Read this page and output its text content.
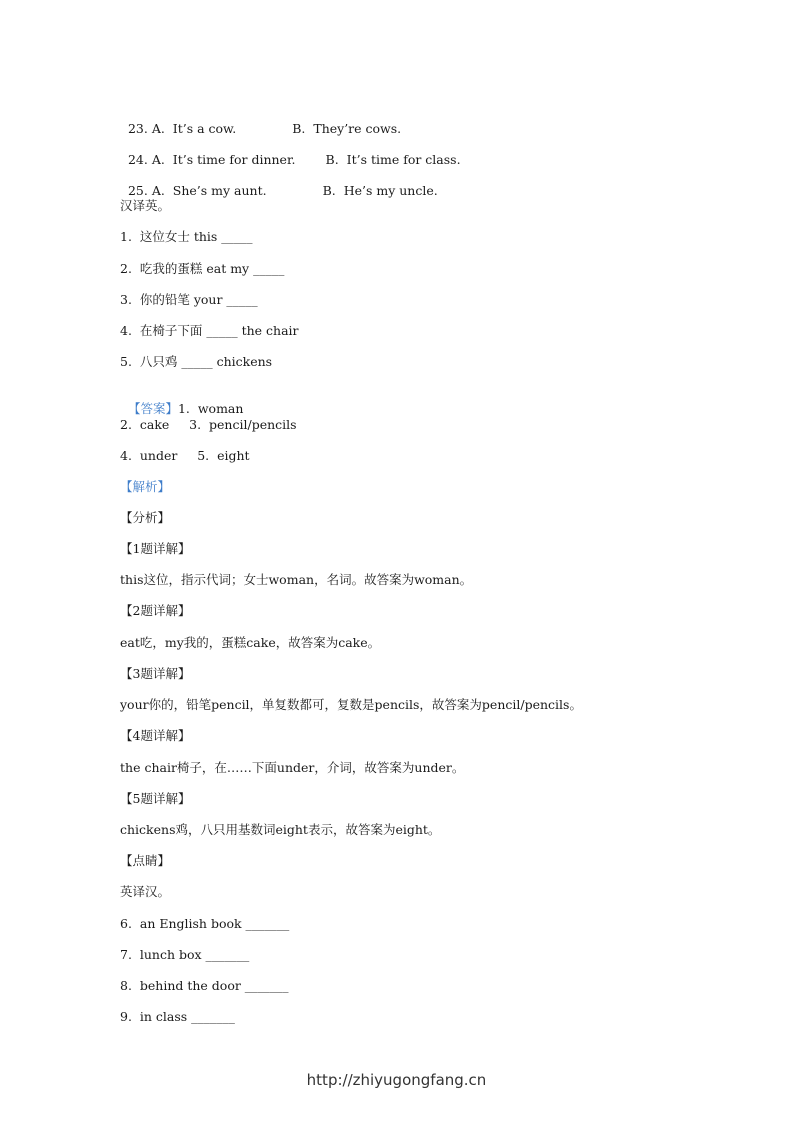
23. A.  It’s a cow.	B.  They’re cows.

24. A.  It’s time for dinner. B.  It’s time for class.

25. A.  She’s my aunt.	B.  He’s my uncle.

汉译英。
1.  这位女士 this _____
2.  吃我的蛋糕 eat my _____
3.  你的铅笔 your _____
4.  在椅子下面 _____ the chair
5.  八只鸡 _____ chickens

【答案】1.  woman

2.  cake     3.  pencil/pencils
4.  under     5.  eight
【解析】
【分析】
【1题详解】
this这位，指示代词；女士woman，名词。故答案为woman。
【2题详解】
eat吃，my我的，蛋糕cake，故答案为cake。
【3题详解】
your你的，铅笔pencil，单复数都可，复数是pencils，故答案为pencil/pencils。
【4题详解】
the chair椅子，在……下面under，介词，故答案为under。
【5题详解】
chickens鸡，八只用基数词eight表示，故答案为eight。
【点睛】
英译汉。
6.  an English book _______
7.  lunch box _______
8.  behind the door _______
9.  in class _______
http://zhiyugongfang.cn
